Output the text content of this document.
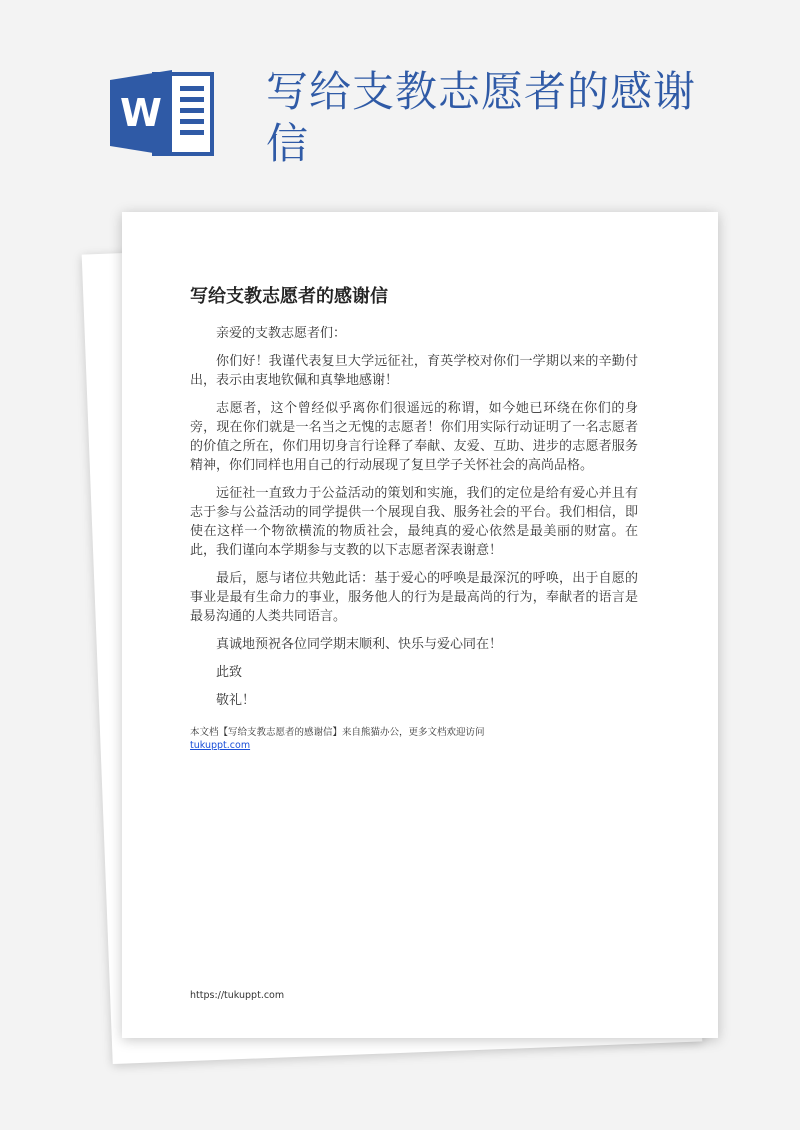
W 写给支教志愿者的感谢信
写给支教志愿者的感谢信

亲爱的支教志愿者们：

你们好！我谨代表复旦大学远征社，育英学校对你们一学期以来的辛勤付出，表示由衷地钦佩和真挚地感谢！

志愿者，这个曾经似乎离你们很遥远的称谓，如今她已环绕在你们的身旁，现在你们就是一名当之无愧的志愿者！你们用实际行动证明了一名志愿者的价值之所在，你们用切身言行诠释了奉献、友爱、互助、进步的志愿者服务精神，你们同样也用自己的行动展现了复旦学子关怀社会的高尚品格。

远征社一直致力于公益活动的策划和实施，我们的定位是给有爱心并且有志于参与公益活动的同学提供一个展现自我、服务社会的平台。我们相信，即使在这样一个物欲横流的物质社会，最纯真的爱心依然是最美丽的财富。在此，我们谨向本学期参与支教的以下志愿者深表谢意！

最后，愿与诸位共勉此话：基于爱心的呼唤是最深沉的呼唤，出于自愿的事业是最有生命力的事业，服务他人的行为是最高尚的行为，奉献者的语言是最易沟通的人类共同语言。

真诚地预祝各位同学期末顺利、快乐与爱心同在！

此致

敬礼！

本文档【写给支教志愿者的感谢信】来自熊猫办公，更多文档欢迎访问
tukuppt.com
https://tukuppt.com
